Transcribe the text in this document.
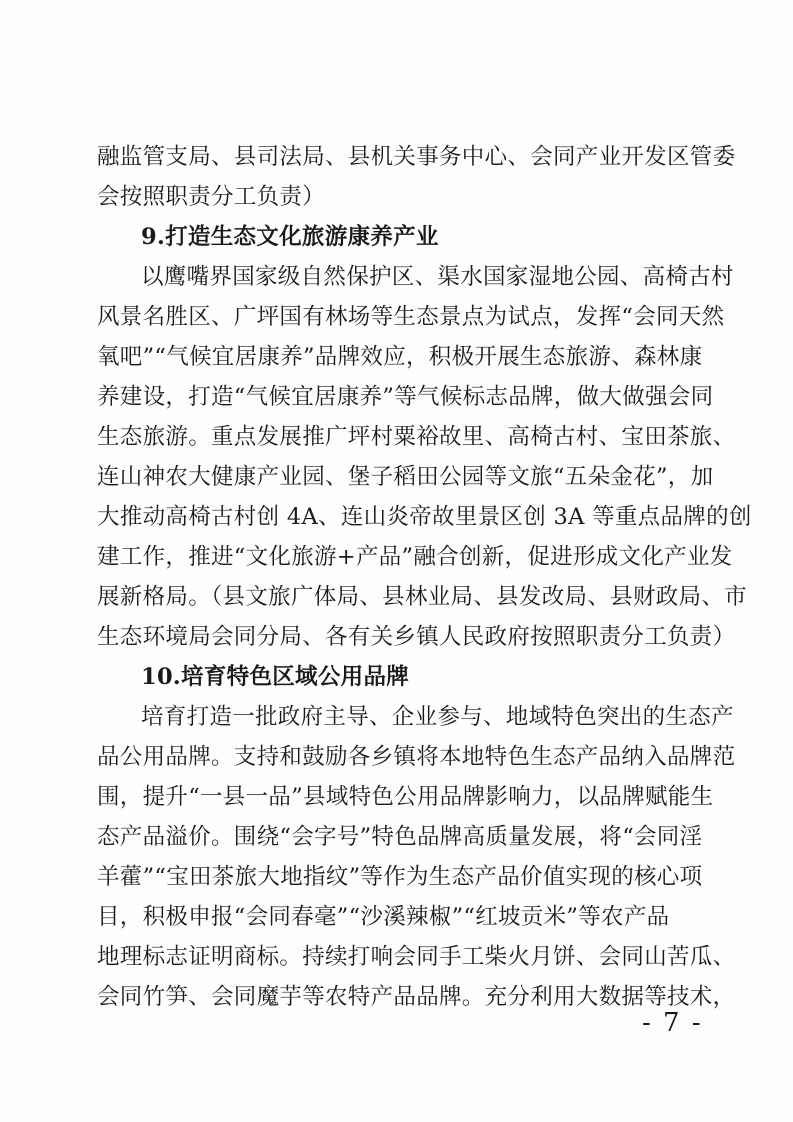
融监管支局、县司法局、县机关事务中心、会同产业开发区管委
会按照职责分工负责）
9.打造生态文化旅游康养产业
以鹰嘴界国家级自然保护区、渠水国家湿地公园、高椅古村
风景名胜区、广坪国有林场等生态景点为试点，发挥“会同天然
氧吧”“气候宜居康养”品牌效应，积极开展生态旅游、森林康
养建设，打造“气候宜居康养”等气候标志品牌，做大做强会同
生态旅游。重点发展推广坪村粟裕故里、高椅古村、宝田茶旅、
连山神农大健康产业园、堡子稻田公园等文旅“五朵金花”，加
大推动高椅古村创 4A、连山炎帝故里景区创 3A 等重点品牌的创
建工作，推进“文化旅游+产品”融合创新，促进形成文化产业发
展新格局。（县文旅广体局、县林业局、县发改局、县财政局、市
生态环境局会同分局、各有关乡镇人民政府按照职责分工负责）
10.培育特色区域公用品牌
培育打造一批政府主导、企业参与、地域特色突出的生态产
品公用品牌。支持和鼓励各乡镇将本地特色生态产品纳入品牌范
围，提升“一县一品”县域特色公用品牌影响力，以品牌赋能生
态产品溢价。围绕“会字号”特色品牌高质量发展，将“会同淫
羊藿”“宝田茶旅大地指纹”等作为生态产品价值实现的核心项
目，积极申报“会同春毫”“沙溪辣椒”“红坡贡米”等农产品
地理标志证明商标。持续打响会同手工柴火月饼、会同山苦瓜、
会同竹笋、会同魔芋等农特产品品牌。充分利用大数据等技术，
- 7 -
